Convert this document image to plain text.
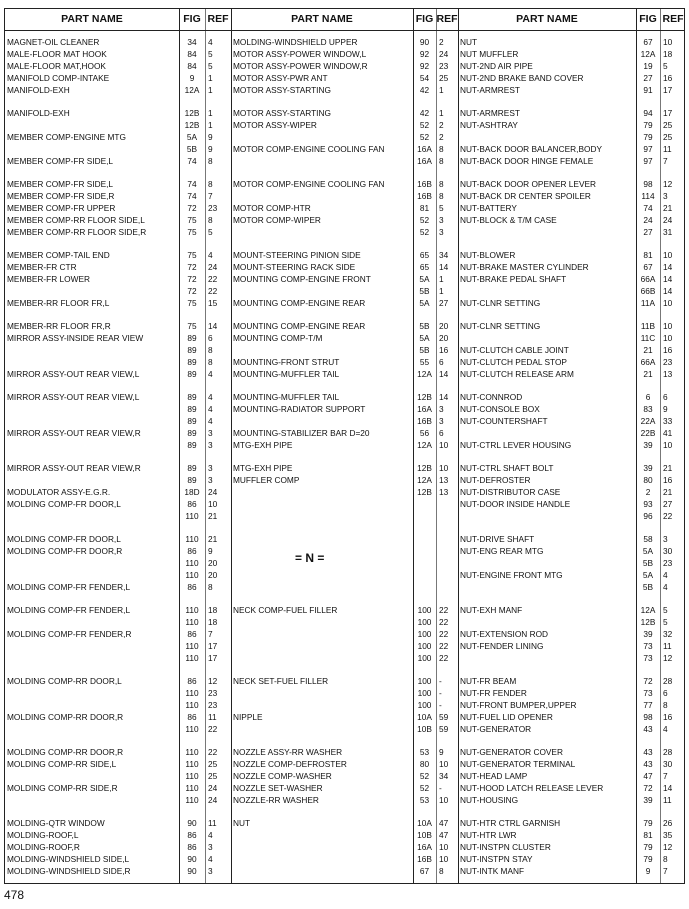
PART NAME	FIG REF	PART NAME	FIG REF	PART NAME	FIG REF
= N =
MAGNET-OIL CLEANER	34	4
MALE-FLOOR MAT HOOK	84	5
MALE-FLOOR MAT,HOOK	84	5
MANIFOLD COMP-INTAKE	9	1
MANIFOLD-EXH	12A	1
MANIFOLD-EXH	12B	1
12B	1
MEMBER COMP-ENGINE MTG	5A	9
5B	9
MEMBER COMP-FR SIDE,L	74	8
MEMBER COMP-FR SIDE,L	74	8
MEMBER COMP-FR SIDE,R	74	7
MEMBER COMP-FR UPPER	72	23
MEMBER COMP-RR FLOOR SIDE,L	75	8
MEMBER COMP-RR FLOOR SIDE,R	75	5
MEMBER COMP-TAIL END	75	4
MEMBER-FR CTR	72	24
MEMBER-FR LOWER	72	22
72	22
MEMBER-RR FLOOR FR,L	75	15
MEMBER-RR FLOOR FR,R	75	14
MIRROR ASSY-INSIDE REAR VIEW	89	6
89	8
89	8
MIRROR ASSY-OUT REAR VIEW,L	89	4
MIRROR ASSY-OUT REAR VIEW,L	89	4
89	4
89	4
MIRROR ASSY-OUT REAR VIEW,R	89	3
89	3
MIRROR ASSY-OUT REAR VIEW,R	89	3
89	3
MODULATOR ASSY-E.G.R.	18D	24
MOLDING COMP-FR DOOR,L	86	10
110	21
MOLDING COMP-FR DOOR,L	110	21
MOLDING COMP-FR DOOR,R	86	9
110	20
110	20
MOLDING COMP-FR FENDER,L	86	8
MOLDING COMP-FR FENDER,L	110	18
110	18
MOLDING COMP-FR FENDER,R	86	7
110	17
110	17
MOLDING COMP-RR DOOR,L	86	12
110	23
110	23
MOLDING COMP-RR DOOR,R	86	11
110	22
MOLDING COMP-RR DOOR,R	110	22
MOLDING COMP-RR SIDE,L	110	25
110	25
MOLDING COMP-RR SIDE,R	110	24
110	24
MOLDING-QTR WINDOW	90	11
MOLDING-ROOF,L	86	4
MOLDING-ROOF,R	86	3
MOLDING-WINDSHIELD SIDE,L	90	4
MOLDING-WINDSHIELD SIDE,R	90	3
MOLDING-WINDSHIELD UPPER	90	2
MOTOR ASSY-POWER WINDOW,L	92	24
MOTOR ASSY-POWER WINDOW,R	92	23
MOTOR ASSY-PWR ANT	54	25
MOTOR ASSY-STARTING	42	1
MOTOR ASSY-STARTING	42	1
MOTOR ASSY-WIPER	52	2
52	2
MOTOR COMP-ENGINE COOLING FAN	16A 8
16A 8
MOTOR COMP-ENGINE COOLING FAN	16B 8
16B 8
MOTOR COMP-HTR	81	5
MOTOR COMP-WIPER	52	3
52	3
MOUNT-STEERING PINION SIDE	65	34
MOUNT-STEERING RACK SIDE	65	14
MOUNTING COMP-ENGINE FRONT	5A	1
5B	1
MOUNTING COMP-ENGINE REAR	5A	27
MOUNTING COMP-ENGINE REAR	5B	20
MOUNTING COMP-T/M	5A	20
5B	16
MOUNTING-FRONT STRUT	55	6
MOUNTING-MUFFLER TAIL	12A 14
MOUNTING-MUFFLER TAIL	12B 14
MOUNTING-RADIATOR SUPPORT	16A 3
16B 3
MOUNTING-STABILIZER BAR D=20	56	6
MTG-EXH PIPE	12A 10
MTG-EXH PIPE	12B 10
MUFFLER COMP	12A 13
12B 13
NECK COMP-FUEL FILLER	100 22
100 22
100 22
100 22
100 22
NECK SET-FUEL FILLER	100 -
100 -
100 -
NIPPLE	10A 59
10B 59
NOZZLE ASSY-RR WASHER	53	9
NOZZLE COMP-DEFROSTER	80	10
NOZZLE COMP-WASHER	52	34
NOZZLE SET-WASHER	52	-
NOZZLE-RR WASHER	53	10
NUT	10A 47
10B 47
16A 10
16B 10
67	8
NUT	67	10
NUT MUFFLER	12A 18
NUT-2ND AIR PIPE	19	5
NUT-2ND BRAKE BAND COVER	27	16
NUT-ARMREST	91	17
NUT-ARMREST	94	17
NUT-ASHTRAY	79	25
79	25
NUT-BACK DOOR BALANCER,BODY	97	11
NUT-BACK DOOR HINGE FEMALE	97	7
NUT-BACK DOOR OPENER LEVER	98	12
NUT-BACK DR CENTER SPOILER	114	3
NUT-BATTERY	74	21
NUT-BLOCK & T/M CASE	24	24
27	31
NUT-BLOWER	81	10
NUT-BRAKE MASTER CYLINDER	67	14
NUT-BRAKE PEDAL SHAFT	66A 14
66B 14
NUT-CLNR SETTING	11A 10
NUT-CLNR SETTING	11B 10
11C 10
NUT-CLUTCH CABLE JOINT	21	16
NUT-CLUTCH PEDAL STOP	66A 23
NUT-CLUTCH RELEASE ARM	21	13
NUT-CONNROD	6	6
NUT-CONSOLE BOX	83	9
NUT-COUNTERSHAFT	22A 33
22B 41
NUT-CTRL LEVER HOUSING	39	10
NUT-CTRL SHAFT BOLT	39	21
NUT-DEFROSTER	80	16
NUT-DISTRIBUTOR CASE	2	21
NUT-DOOR INSIDE HANDLE	93	27
96	22
NUT-DRIVE SHAFT	58	3
NUT-ENG REAR MTG	5A	30
5B	23
NUT-ENGINE FRONT MTG	5A	4
5B	4
NUT-EXH MANF	12A 5
12B 5
NUT-EXTENSION ROD	39	32
NUT-FENDER LINING	73	11
73	12
NUT-FR BEAM	72	28
NUT-FR FENDER	73	6
NUT-FRONT BUMPER,UPPER	77	8
NUT-FUEL LID OPENER	98	16
NUT-GENERATOR	43	4
NUT-GENERATOR COVER	43	28
NUT-GENERATOR TERMINAL	43	30
NUT-HEAD LAMP	47	7
NUT-HOOD LATCH RELEASE LEVER	72	14
NUT-HOUSING	39	11
NUT-HTR CTRL GARNISH	79	26
NUT-HTR LWR	81	35
NUT-INSTPN CLUSTER	79	12
NUT-INSTPN STAY	79	8
NUT-INTK MANF	9	7
478
